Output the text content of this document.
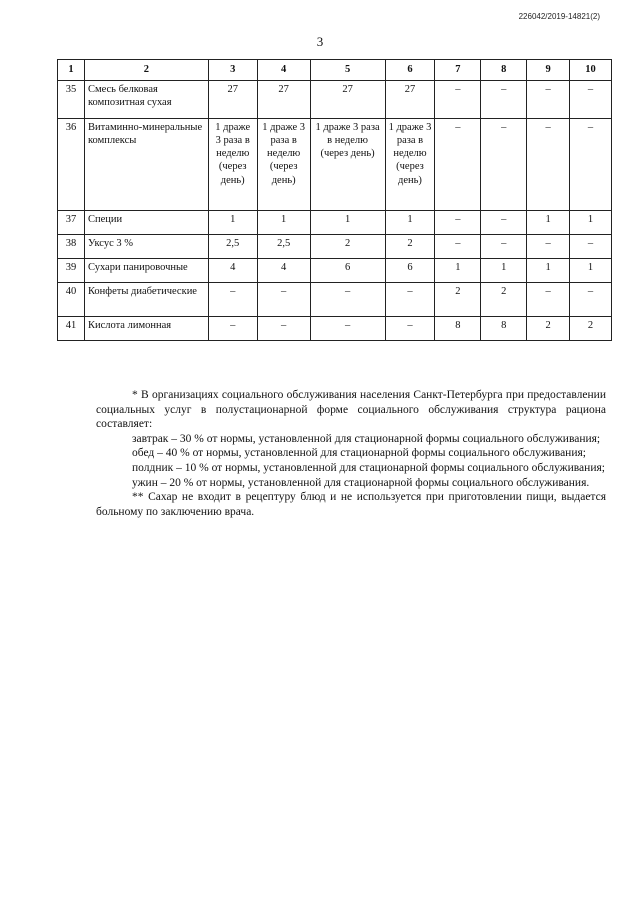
226042/2019-14821(2)
3
1	2	3	4	5	6	7	8	9	10
35	Смесь белковая композитная сухая	27	27	27	27	–	–	–	–
36	Витаминно-минеральные комплексы	1 драже 3 раза в неделю (через день)	1 драже 3 раза в неделю (через день)	1 драже 3 раза в неделю (через день)	1 драже 3 раза в неделю (через день)	–	–	–	–
37	Специи	1	1	1	1	–	–	1	1
38	Уксус 3 %	2,5	2,5	2	2	–	–	–	–
39	Сухари панировочные	4	4	6	6	1	1	1	1
40	Конфеты диабетические	–	–	–	–	2	2	–	–
41	Кислота лимонная	–	–	–	–	8	8	2	2

* В организациях социального обслуживания населения Санкт-Петербурга при предоставлении социальных услуг в полустационарной форме социального обслуживания структура рациона составляет:

завтрак – 30 % от нормы, установленной для стационарной формы социального обслуживания;

обед – 40 % от нормы, установленной для стационарной формы социального обслуживания;

полдник – 10 % от нормы, установленной для стационарной формы социального обслуживания;

ужин – 20 % от нормы, установленной для стационарной формы социального обслуживания.

** Сахар не входит в рецептуру блюд и не используется при приготовлении пищи, выдается больному по заключению врача.
